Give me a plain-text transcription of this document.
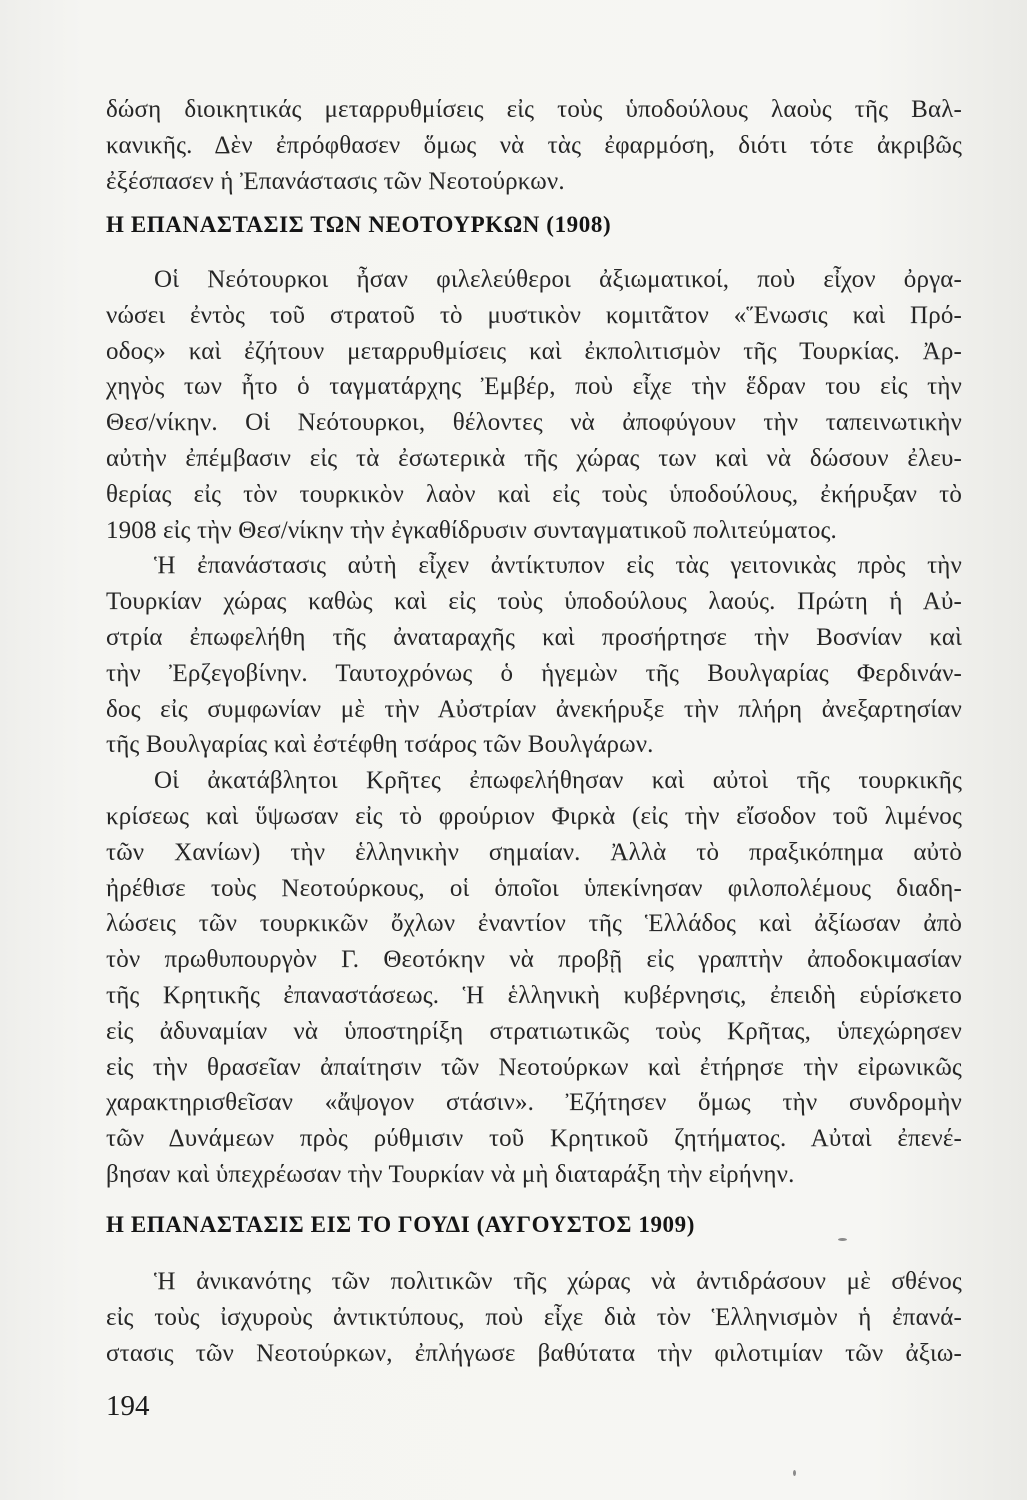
δώση διοικητικάς μεταρρυθμίσεις εἰς τοὺς ὑποδούλους λαοὺς τῆς Βαλ-
κανικῆς. Δὲν ἐπρόφθασεν ὅμως νὰ τὰς ἐφαρμόση, διότι τότε ἀκριβῶς
ἐξέσπασεν ἡ Ἐπανάστασις τῶν Νεοτούρκων.
Η ΕΠΑΝΑΣΤΑΣΙΣ ΤΩΝ ΝΕΟΤΟΥΡΚΩΝ (1908)
Οἱ Νεότουρκοι ἦσαν φιλελεύθεροι ἀξιωματικοί, ποὺ εἶχον ὀργα-
νώσει ἐντὸς τοῦ στρατοῦ τὸ μυστικὸν κομιτᾶτον «Ἕνωσις καὶ Πρό-
οδος» καὶ ἐζήτουν μεταρρυθμίσεις καὶ ἐκπολιτισμὸν τῆς Τουρκίας. Ἀρ-
χηγὸς των ἦτο ὁ ταγματάρχης Ἐμβέρ, ποὺ εἶχε τὴν ἕδραν του εἰς τὴν
Θεσ/νίκην. Οἱ Νεότουρκοι, θέλοντες νὰ ἀποφύγουν τὴν ταπεινωτικὴν
αὐτὴν ἐπέμβασιν εἰς τὰ ἐσωτερικὰ τῆς χώρας των καὶ νὰ δώσουν ἐλευ-
θερίας εἰς τὸν τουρκικὸν λαὸν καὶ εἰς τοὺς ὑποδούλους, ἐκήρυξαν τὸ
1908 εἰς τὴν Θεσ/νίκην τὴν ἐγκαθίδρυσιν συνταγματικοῦ πολιτεύματος.
Ἡ ἐπανάστασις αὐτὴ εἶχεν ἀντίκτυπον εἰς τὰς γειτονικὰς πρὸς τὴν
Τουρκίαν χώρας καθὼς καὶ εἰς τοὺς ὑποδούλους λαούς. Πρώτη ἡ Αὐ-
στρία ἐπωφελήθη τῆς ἀναταραχῆς καὶ προσήρτησε τὴν Βοσνίαν καὶ
τὴν Ἐρζεγοβίνην. Ταυτοχρόνως ὁ ἡγεμὼν τῆς Βουλγαρίας Φερδινάν-
δος εἰς συμφωνίαν μὲ τὴν Αὐστρίαν ἀνεκήρυξε τὴν πλήρη ἀνεξαρτησίαν
τῆς Βουλγαρίας καὶ ἐστέφθη τσάρος τῶν Βουλγάρων.
Οἱ ἀκατάβλητοι Κρῆτες ἐπωφελήθησαν καὶ αὐτοὶ τῆς τουρκικῆς
κρίσεως καὶ ὕψωσαν εἰς τὸ φρούριον Φιρκὰ (εἰς τὴν εἴσοδον τοῦ λιμένος
τῶν Χανίων) τὴν ἑλληνικὴν σημαίαν. Ἀλλὰ τὸ πραξικόπημα αὐτὸ
ἠρέθισε τοὺς Νεοτούρκους, οἱ ὁποῖοι ὑπεκίνησαν φιλοπολέμους διαδη-
λώσεις τῶν τουρκικῶν ὄχλων ἐναντίον τῆς Ἑλλάδος καὶ ἀξίωσαν ἀπὸ
τὸν πρωθυπουργὸν Γ. Θεοτόκην νὰ προβῇ εἰς γραπτὴν ἀποδοκιμασίαν
τῆς Κρητικῆς ἐπαναστάσεως. Ἡ ἑλληνικὴ κυβέρνησις, ἐπειδὴ εὑρίσκετο
εἰς ἀδυναμίαν νὰ ὑποστηρίξη στρατιωτικῶς τοὺς Κρῆτας, ὑπεχώρησεν
εἰς τὴν θρασεῖαν ἀπαίτησιν τῶν Νεοτούρκων καὶ ἐτήρησε τὴν εἰρωνικῶς
χαρακτηρισθεῖσαν «ἄψογον στάσιν». Ἐζήτησεν ὅμως τὴν συνδρομὴν
τῶν Δυνάμεων πρὸς ρύθμισιν τοῦ Κρητικοῦ ζητήματος. Αὐταὶ ἐπενέ-
βησαν καὶ ὑπεχρέωσαν τὴν Τουρκίαν νὰ μὴ διαταράξη τὴν εἰρήνην.
Η ΕΠΑΝΑΣΤΑΣΙΣ ΕΙΣ ΤΟ ΓΟΥΔΙ (ΑΥΓΟΥΣΤΟΣ 1909)
Ἡ ἀνικανότης τῶν πολιτικῶν τῆς χώρας νὰ ἀντιδράσουν μὲ σθένος
εἰς τοὺς ἰσχυροὺς ἀντικτύπους, ποὺ εἶχε διὰ τὸν Ἑλληνισμὸν ἡ ἐπανά-
στασις τῶν Νεοτούρκων, ἐπλήγωσε βαθύτατα τὴν φιλοτιμίαν τῶν ἀξιω-
194
